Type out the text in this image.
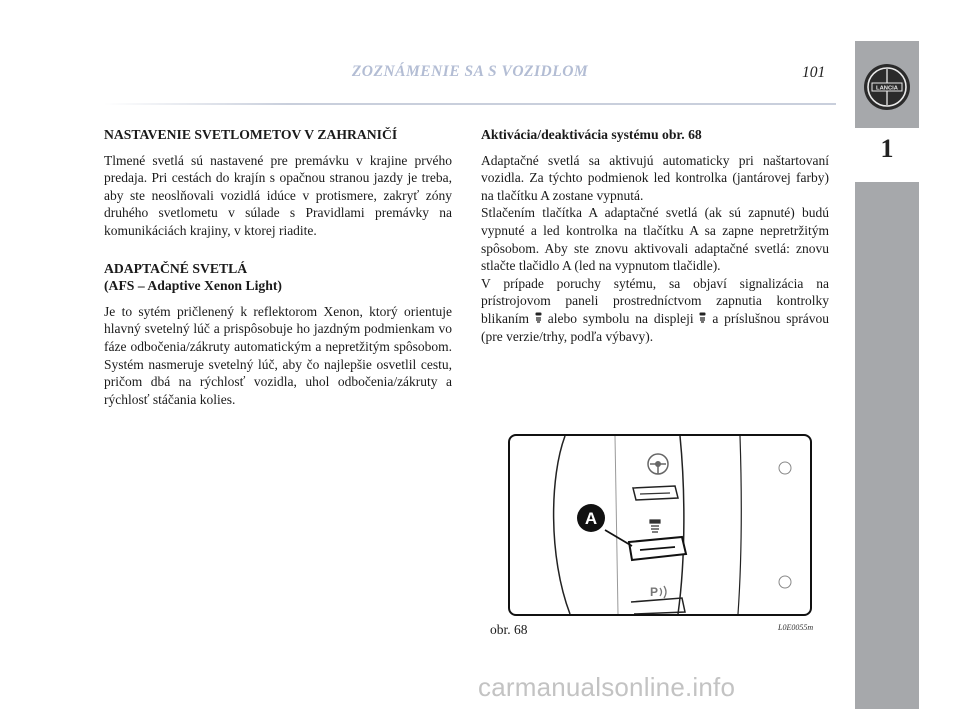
ZOZNÁMENIE SA S VOZIDLOM	101
1
LANCIA
NASTAVENIE SVETLOMETOV V ZAHRANIČÍ

Tlmené svetlá sú nastavené pre premávku v krajine prvého predaja. Pri cestách do krajín s opačnou stranou jazdy je treba, aby ste neoslňovali vozidlá idúce v protismere, zakryť zóny druhého svetlometu v súlade s Pravidlami premávky na komunikáciách krajiny, v ktorej riadite.

ADAPTAČNÉ SVETLÁ
(AFS – Adaptive Xenon Light)

Je to sytém pričlenený k reflektorom Xenon, ktorý orientuje hlavný svetelný lúč a prispôsobuje ho jazdným podmienkam vo fáze odbočenia/zákruty automatickým a nepretžitým spôsobom. Systém nasmeruje svetelný lúč, aby čo najlepšie osvetlil cestu, pričom dbá na rýchlosť vozidla, uhol odbočenia/zákruty a rýchlosť stáčania kolies.

Aktivácia/deaktivácia systému obr. 68

Adaptačné svetlá sa aktivujú automaticky pri naštartovaní vozidla. Za týchto podmienok led kontrolka (jantárovej farby) na tlačítku A zostane vypnutá.

Stlačením tlačítka A adaptačné svetlá (ak sú zapnuté) budú vypnuté a led kontrolka na tlačítku A sa zapne nepretržitým spôsobom. Aby ste znovu aktivovali adaptačné svetlá: znovu stlačte tlačidlo A (led na vypnutom tlačidle).

V prípade poruchy sytému, sa objaví signalizácia na prístrojovom paneli prostredníctvom zapnutia kontrolky blikaním alebo symbolu na displeji a príslušnou správou (pre verzie/trhy, podľa výbavy).

P
A
obr. 68	L0E0055m
carmanualsonline.info
